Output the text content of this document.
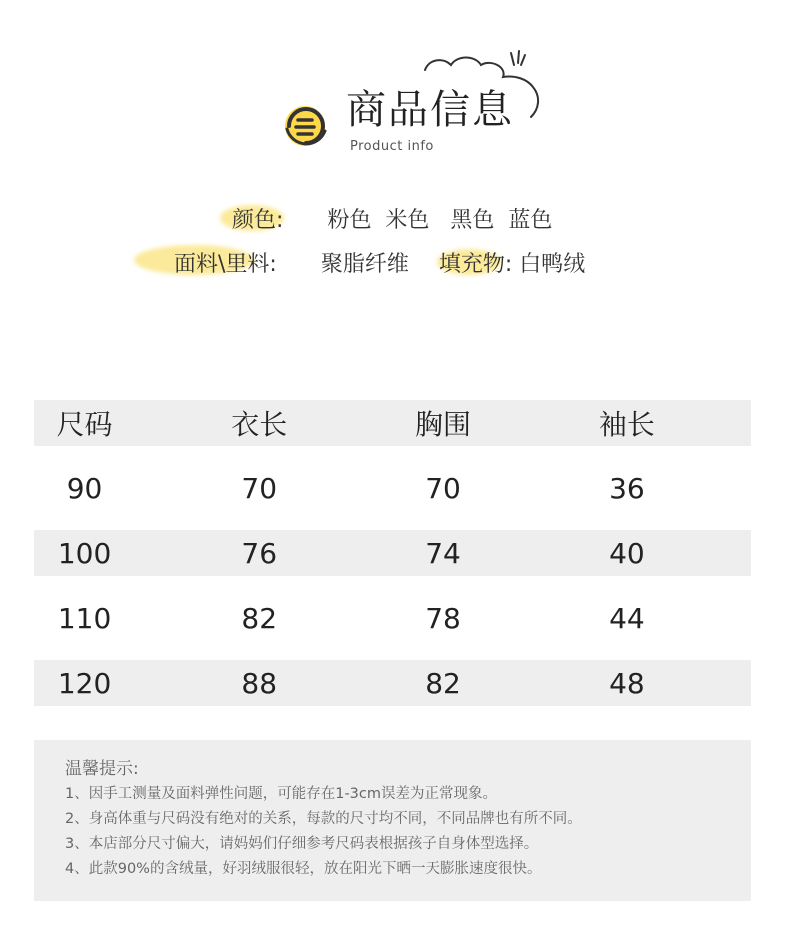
商品信息
Product info
颜色: 粉色  米色   黑色  蓝色
面料\里料: 聚脂纤维 填充物: 白鸭绒
尺码	衣长	胸围	袖长
90	70	70	36
100	76	74	40
110	82	78	44
120	88	82	48
温馨提示:
1、因手工测量及面料弹性问题，可能存在1-3cm误差为正常现象。
2、身高体重与尺码没有绝对的关系，每款的尺寸均不同，不同品牌也有所不同。
3、本店部分尺寸偏大，请妈妈们仔细参考尺码表根据孩子自身体型选择。
4、此款90%的含绒量，好羽绒服很轻，放在阳光下晒一天膨胀速度很快。
